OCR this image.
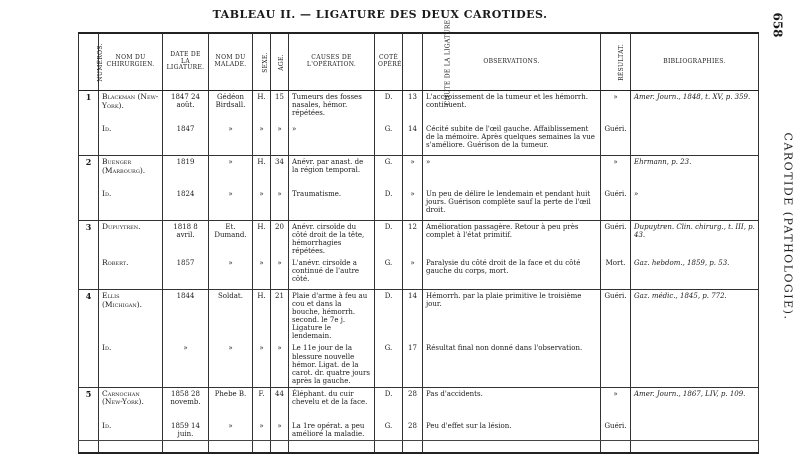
TABLEAU II. — LIGATURE DES DEUX CAROTIDES.	658
CAROTIDE (PATHOLOGIE).
NUMÉROS.	NOM DU CHIRURGIEN.	DATE DE LA LIGATURE.	NOM DU MALADE.	SEXE.	AGE.	CAUSES DE L'OPÉRATION.	COTÉ OPÉRÉ.	CHUTE DE LA LIGATURE	OBSERVATIONS.	RÉSULTAT.	BIBLIOGRAPHIES.
1	Blackman (New-York).	1847 24 août.	Gédéon Birdsall.	H.	15	Tumeurs des fosses nasales, hémor. répétées.	D.	13	L'accroissement de la tumeur et les hémorrh. continuent.	»	Amer. Journ., 1848, t. XV, p. 359.
	Id.	1847	»	»	»	»	G.	14	Cécité subite de l'œil gauche. Affaiblissement de la mémoire. Après quelques semaines la vue s'améliore. Guérison de la tumeur.	Guéri.	
2	Buenger (Marbourg).	1819	»	H.	34	Anévr. par anast. de la région temporal.	G.	»	»	»	Ehrmann, p. 23.
	Id.	1824	»	»	»	Traumatisme.	D.	»	Un peu de délire le lendemain et pendant huit jours. Guérison complète sauf la perte de l'œil droit.	Guéri.	»
3	Dupuytren.	1818 8 avril.	Et. Dumand.	H.	20	Anévr. cirsoïde du côté droit de la tête, hémorrhagies répétées.	D.	12	Amélioration passagère. Retour à peu près complet à l'état primitif.	Guéri.	Dupuytren. Clin. chirurg., t. III, p. 43.
	Robert.	1857	»	»	»	L'anévr. cirsoïde a continué de l'autre côté.	G.	»	Paralysie du côté droit de la face et du côté gauche du corps, mort.	Mort.	Gaz. hebdom., 1859, p. 53.
4	Ellis (Michigan).	1844	Soldat.	H.	21	Plaie d'arme à feu au cou et dans la bouche, hémorrh. second. le 7e j. Ligature le lendemain.	D.	14	Hémorrh. par la plaie primitive le troisième jour.	Guéri.	Gaz. médic., 1845, p. 772.
	Id.	»	»	»	»	Le 11e jour de la blessure nouvelle hémor. Ligat. de la carot. dr. quatre jours après la gauche.	G.	17	Résultat final non donné dans l'observation.		
5	Carnochan (New-York).	1858 28 novemb.	Phebe B.	F.	44	Éléphant. du cuir chevelu et de la face.	D.	28	Pas d'accidents.	»	Amer. Journ., 1867, LIV, p. 109.
	Id.	1859 14 juin.	»	»	»	La 1re opérat. a peu amélioré la maladie.	G.	28	Peu d'effet sur la lésion.	Guéri.	
